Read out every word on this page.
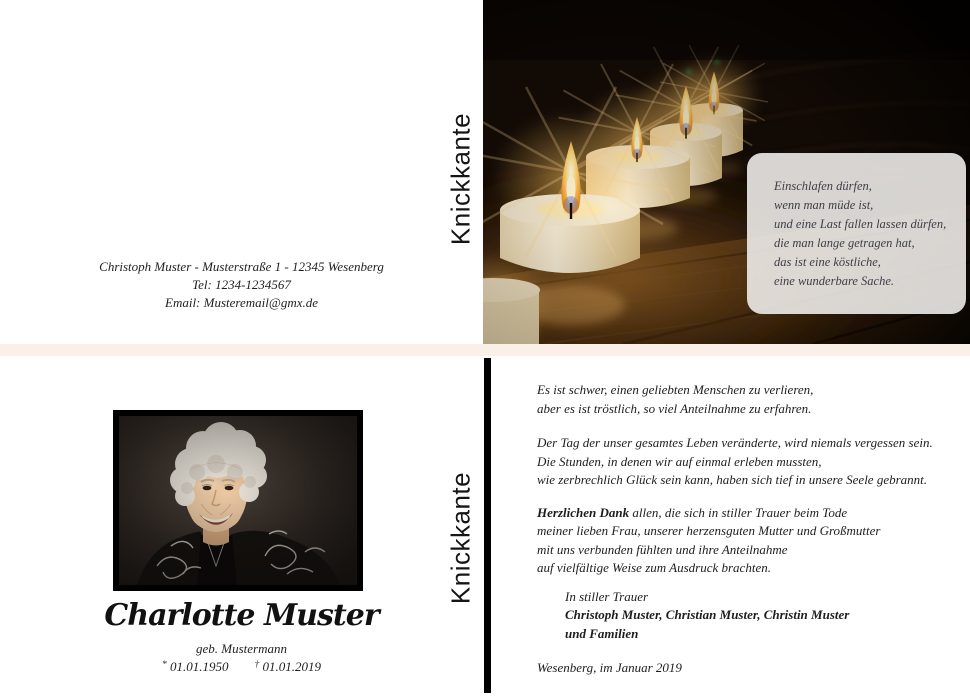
Christoph Muster - Musterstraße 1 - 12345 Wesenberg
Tel: 1234-1234567
Email: Musteremail@gmx.de
Knickkante
Knickkante
Einschlafen dürfen,
wenn man müde ist,
und eine Last fallen lassen dürfen,
die man lange getragen hat,
das ist eine köstliche,
eine wunderbare Sache.
Charlotte Muster
geb. Mustermann
* 01.01.1950	† 01.01.2019

Es ist schwer, einen geliebten Menschen zu verlieren,
aber es ist tröstlich, so viel Anteilnahme zu erfahren.

Der Tag der unser gesamtes Leben veränderte, wird niemals vergessen sein.
Die Stunden, in denen wir auf einmal erleben mussten,
wie zerbrechlich Glück sein kann, haben sich tief in unsere Seele gebrannt.

Herzlichen Dank allen, die sich in stiller Trauer beim Tode
meiner lieben Frau, unserer herzensguten Mutter und Großmutter
mit uns verbunden fühlten und ihre Anteilnahme
auf vielfältige Weise zum Ausdruck brachten.

In stiller Trauer
Christoph Muster, Christian Muster, Christin Muster
und Familien

Wesenberg, im Januar 2019
